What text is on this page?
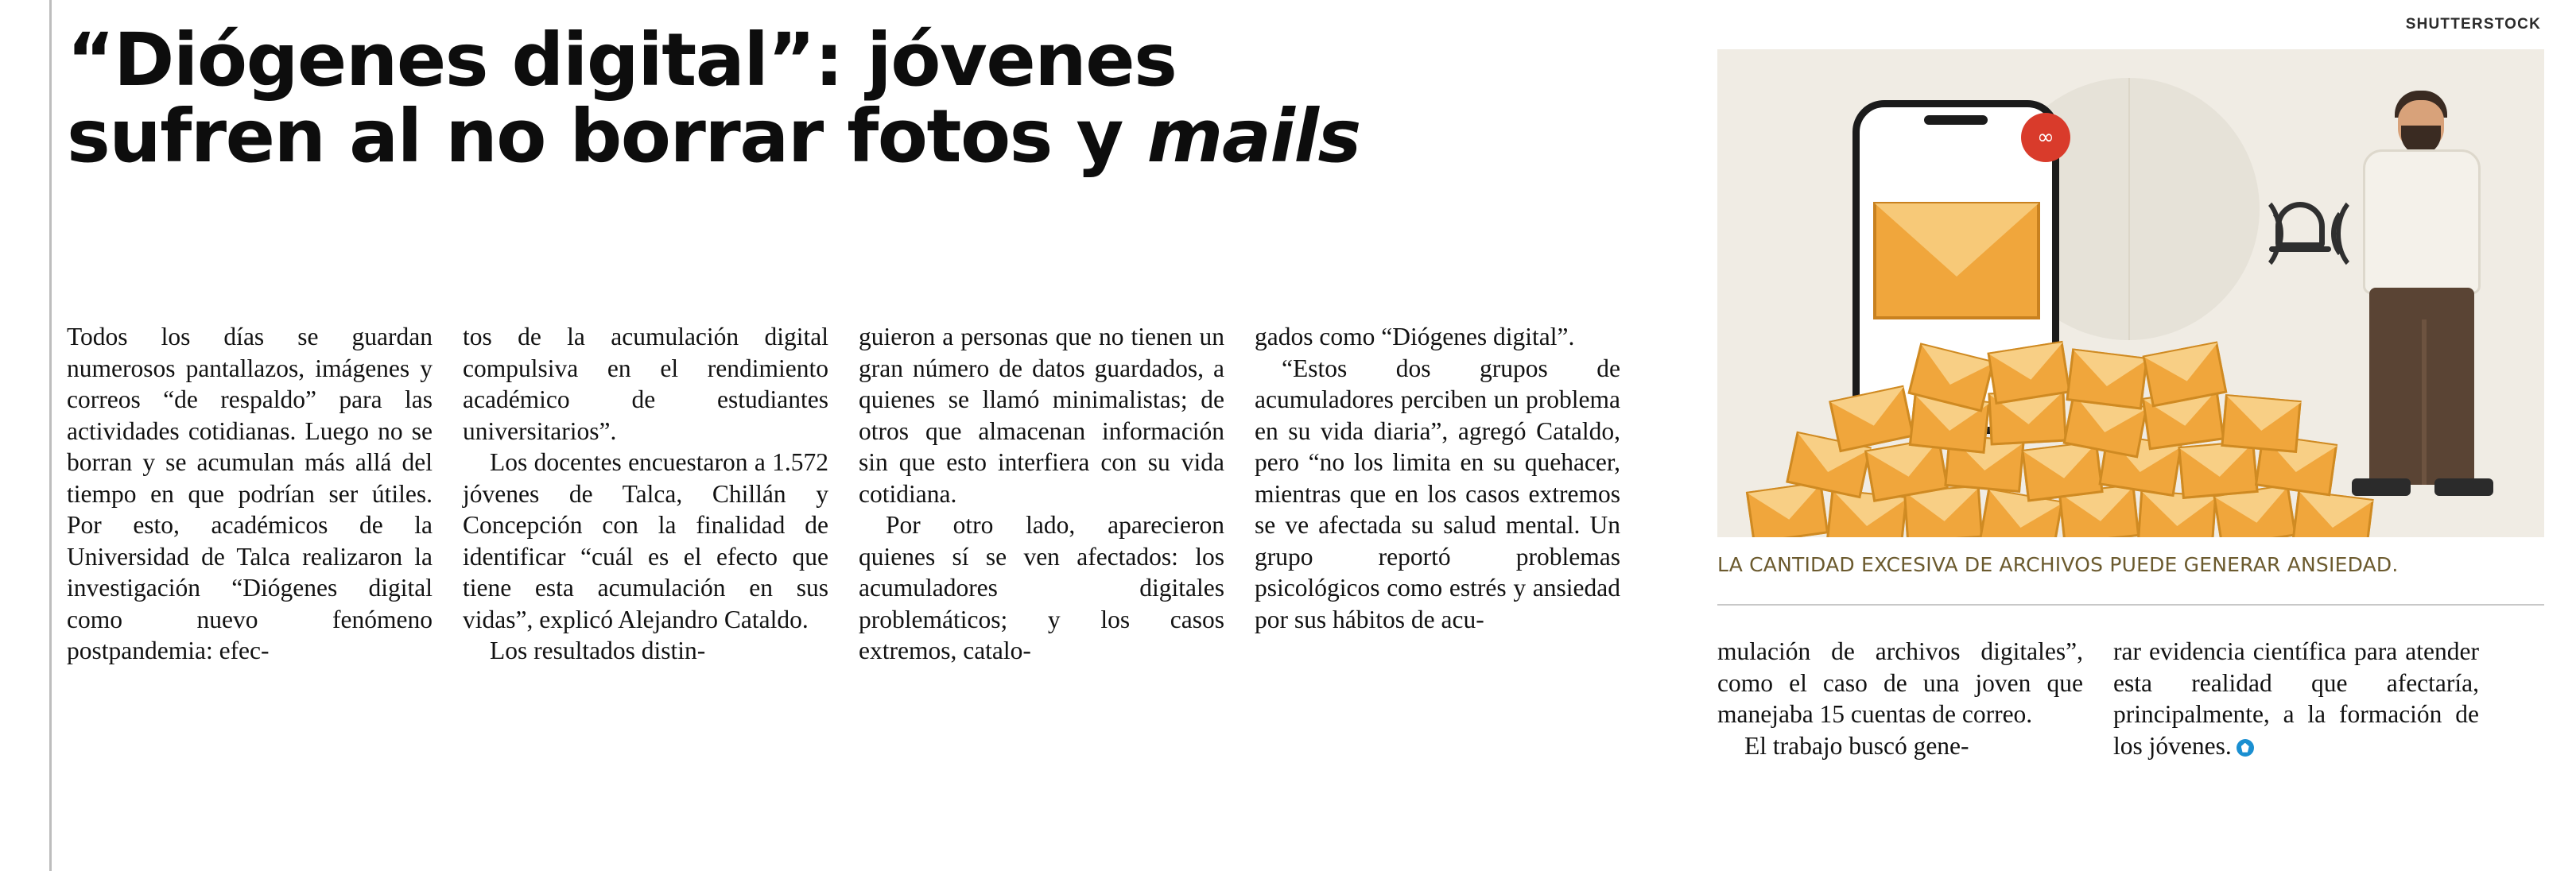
“Diógenes digital”: jóvenes
sufren al no borrar fotos y mails
SHUTTERSTOCK
∞
LA CANTIDAD EXCESIVA DE ARCHIVOS PUEDE GENERAR ANSIEDAD.

Todos los días se guardan numerosos pantallazos, imágenes y correos “de respaldo” para las actividades cotidianas. Luego no se borran y se acumulan más allá del tiempo en que podrían ser útiles. Por esto, académicos de la Universidad de Talca realizaron la investigación “Diógenes digital como nuevo fenómeno postpandemia: efec-

tos de la acumulación digital compulsiva en el rendimiento académico de estudiantes universitarios”.

Los docentes encuestaron a 1.572 jóvenes de Talca, Chillán y Concepción con la finalidad de identificar “cuál es el efecto que tiene esta acumulación en sus vidas”, explicó Alejandro Cataldo.

Los resultados distin-

guieron a personas que no tienen un gran número de datos guardados, a quienes se llamó minimalistas; de otros que almacenan información sin que esto interfiera con su vida cotidiana.

Por otro lado, aparecieron quienes sí se ven afectados: los acumuladores digitales problemáticos; y los casos extremos, catalo-

gados como “Diógenes digital”.

“Estos dos grupos de acumuladores perciben un problema en su vida diaria”, agregó Cataldo, pero “no los limita en su quehacer, mientras que en los casos extremos se ve afectada su salud mental. Un grupo reportó problemas psicológicos como estrés y ansiedad por sus hábitos de acu-

mulación de archivos digitales”, como el caso de una joven que manejaba 15 cuentas de correo.

El trabajo buscó gene-

rar evidencia científica para atender esta realidad que afectaría, principalmente, a la formación de los jóvenes.
